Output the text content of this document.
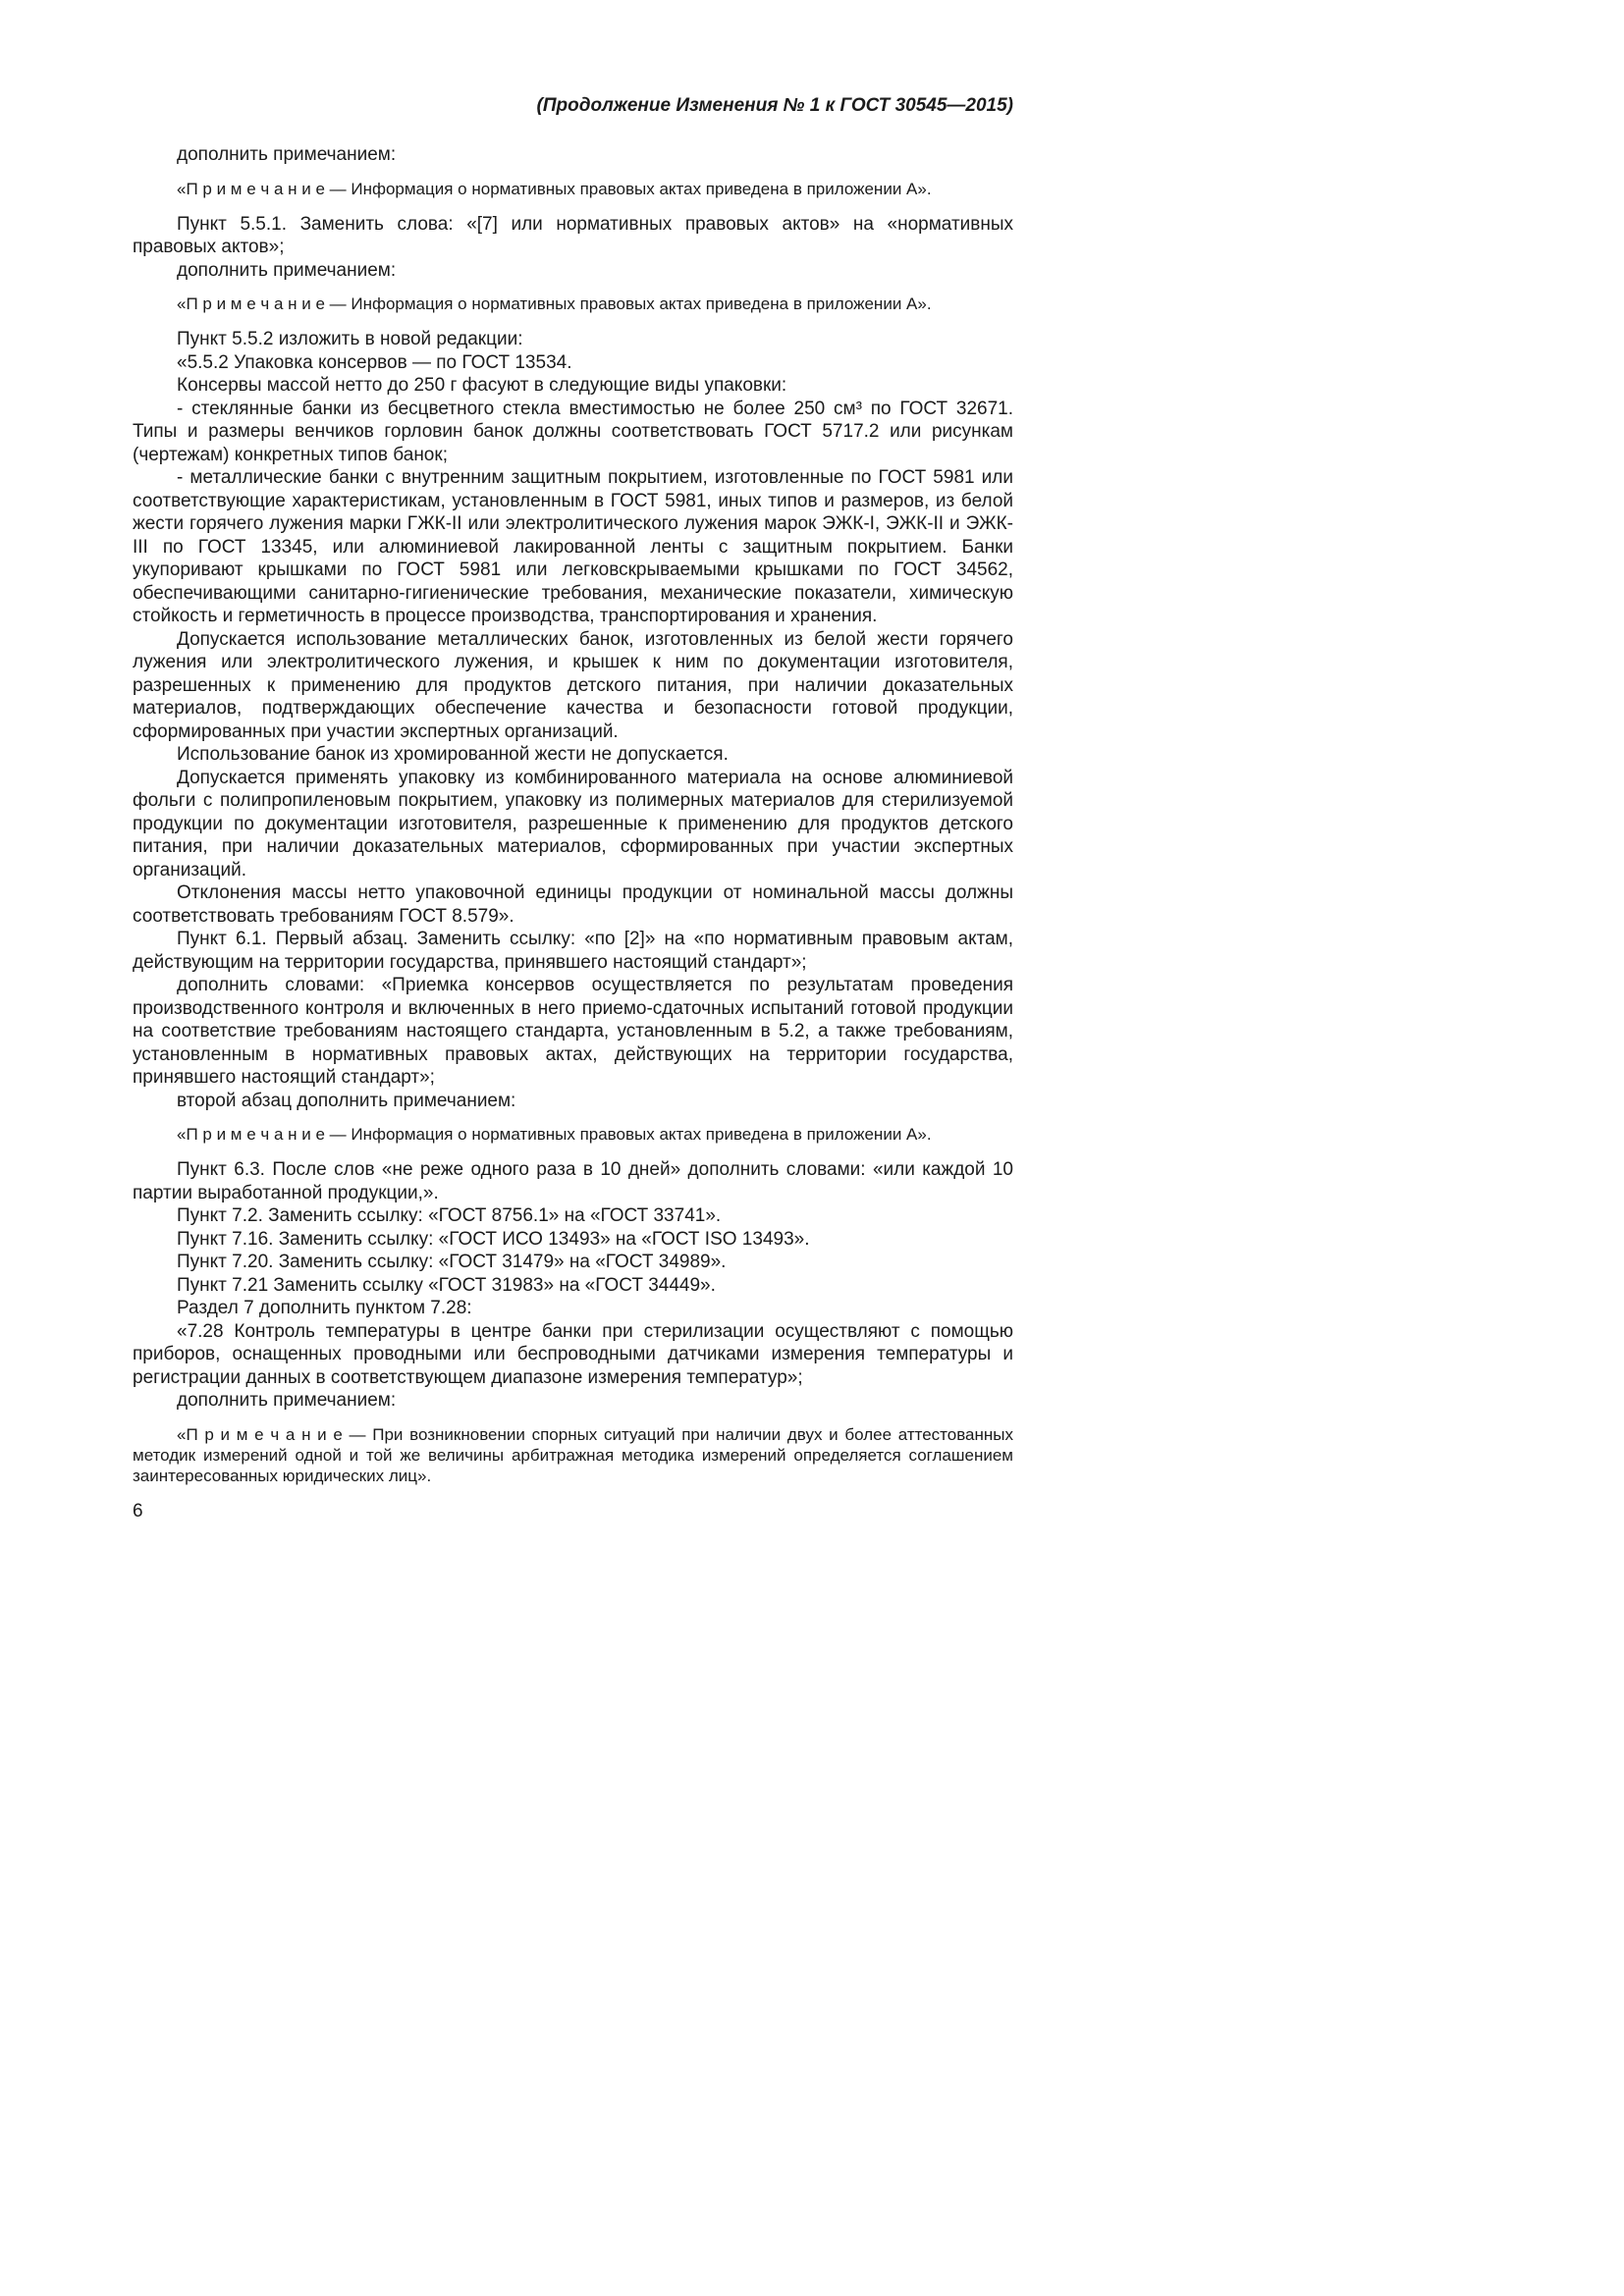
(Продолжение Изменения № 1 к ГОСТ 30545—2015)

дополнить примечанием:

«П р и м е ч а н и е — Информация о нормативных правовых актах приведена в приложении А».

Пункт 5.5.1. Заменить слова: «[7] или нормативных правовых актов» на «нормативных правовых актов»;

дополнить примечанием:

«П р и м е ч а н и е — Информация о нормативных правовых актах приведена в приложении А».

Пункт 5.5.2 изложить в новой редакции:

«5.5.2 Упаковка консервов — по ГОСТ 13534.

Консервы массой нетто до 250 г фасуют в следующие виды упаковки:

- стеклянные банки из бесцветного стекла вместимостью не более 250 см³ по ГОСТ 32671. Типы и размеры венчиков горловин банок должны соответствовать ГОСТ 5717.2 или рисункам (чертежам) конкретных типов банок;

- металлические банки с внутренним защитным покрытием, изготовленные по ГОСТ 5981 или соответствующие характеристикам, установленным в ГОСТ 5981, иных типов и размеров, из белой жести горячего лужения марки ГЖК-II или электролитического лужения марок ЭЖК-I, ЭЖК-II и ЭЖК-III по ГОСТ 13345, или алюминиевой лакированной ленты с защитным покрытием. Банки укупоривают крышками по ГОСТ 5981 или легковскрываемыми крышками по ГОСТ 34562, обеспечивающими санитарно-гигиенические требования, механические показатели, химическую стойкость и герметичность в процессе производства, транспортирования и хранения.

Допускается использование металлических банок, изготовленных из белой жести горячего лужения или электролитического лужения, и крышек к ним по документации изготовителя, разрешенных к применению для продуктов детского питания, при наличии доказательных материалов, подтверждающих обеспечение качества и безопасности готовой продукции, сформированных при участии экспертных организаций.

Использование банок из хромированной жести не допускается.

Допускается применять упаковку из комбинированного материала на основе алюминиевой фольги с полипропиленовым покрытием, упаковку из полимерных материалов для стерилизуемой продукции по документации изготовителя, разрешенные к применению для продуктов детского питания, при наличии доказательных материалов, сформированных при участии экспертных организаций.

Отклонения массы нетто упаковочной единицы продукции от номинальной массы должны соответствовать требованиям ГОСТ 8.579».

Пункт 6.1. Первый абзац. Заменить ссылку: «по [2]» на «по нормативным правовым актам, действующим на территории государства, принявшего настоящий стандарт»;

дополнить словами: «Приемка консервов осуществляется по результатам проведения производственного контроля и включенных в него приемо-сдаточных испытаний готовой продукции на соответствие требованиям настоящего стандарта, установленным в 5.2, а также требованиям, установленным в нормативных правовых актах, действующих на территории государства, принявшего настоящий стандарт»;

второй абзац дополнить примечанием:

«П р и м е ч а н и е — Информация о нормативных правовых актах приведена в приложении А».

Пункт 6.3. После слов «не реже одного раза в 10 дней» дополнить словами: «или каждой 10 партии выработанной продукции,».

Пункт 7.2. Заменить ссылку: «ГОСТ 8756.1» на «ГОСТ 33741».

Пункт 7.16. Заменить ссылку: «ГОСТ ИСО 13493» на «ГОСТ ISO 13493».

Пункт 7.20. Заменить ссылку: «ГОСТ 31479» на «ГОСТ 34989».

Пункт 7.21 Заменить ссылку «ГОСТ 31983» на «ГОСТ 34449».

Раздел 7 дополнить пунктом 7.28:

«7.28 Контроль температуры в центре банки при стерилизации осуществляют с помощью приборов, оснащенных проводными или беспроводными датчиками измерения температуры и регистрации данных в соответствующем диапазоне измерения температур»;

дополнить примечанием:

«П р и м е ч а н и е — При возникновении спорных ситуаций при наличии двух и более аттестованных методик измерений одной и той же величины арбитражная методика измерений определяется соглашением заинтересованных юридических лиц».

6
